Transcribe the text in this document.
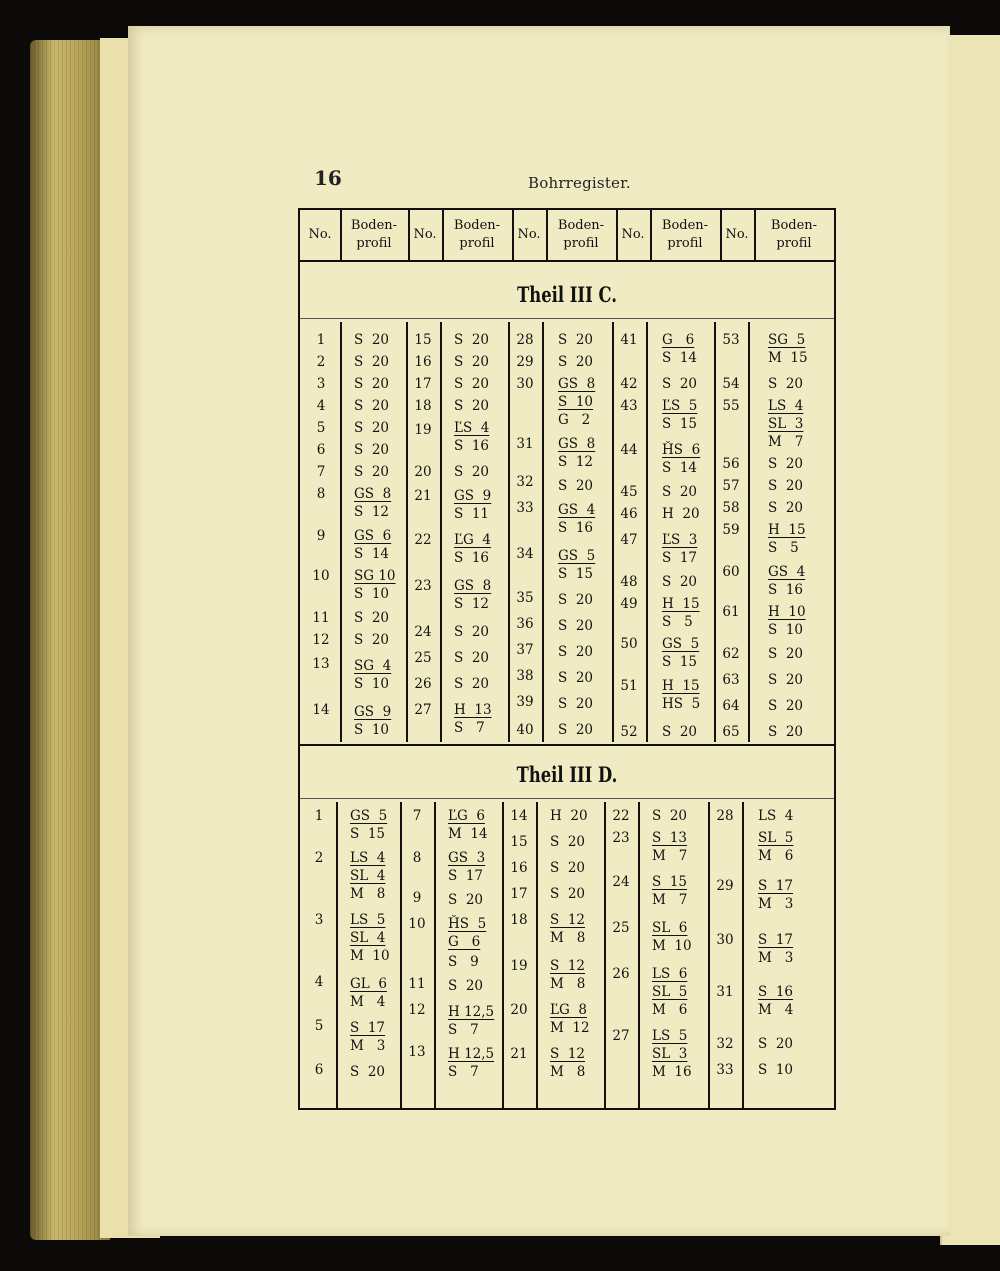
16	Bohrregister.
No.
Boden-
profil
No.
Boden-
profil
No.
Boden-
profil
No.
Boden-
profil
No.
Boden-
profil
Theil III C.
Theil III D.
1
2
3
4
5
6
7
8
9
10
11
12
13
14
S  20
S  20
S  20
S  20
S  20
S  20
S  20
GS  8
S  12
GS  6
S  14
SG 10
S  10
S  20
S  20
SG  4
S  10
GS  9
S  10
15
16
17
18
19
20
21
22
23
24
25
26
27
S  20
S  20
S  20
S  20
ĽS  4
S  16
S  20
GS  9
S  11
ĽG  4
S  16
GS  8
S  12
S  20
S  20
S  20
H  13
S   7
28
29
30
31
32
33
34
35
36
37
38
39
40
S  20
S  20
GS  8
S  10
G   2
GS  8
S  12
S  20
GS  4
S  16
GS  5
S  15
S  20
S  20
S  20
S  20
S  20
S  20
41
42
43
44
45
46
47
48
49
50
51
52
G   6
S  14
S  20
ĽS  5
S  15
ȞS  6
S  14
S  20
H  20
ĽS  3
S  17
S  20
H  15
S   5
GS  5
S  15
H  15
HS  5
S  20
53
54
55
56
57
58
59
60
61
62
63
64
65
SG  5
M  15
S  20
LS  4
SL  3
M   7
S  20
S  20
S  20
H  15
S   5
GS  4
S  16
H  10
S  10
S  20
S  20
S  20
S  20
1
2
3
4
5
6
GS  5
S  15
LS  4
SL  4
M   8
LS  5
SL  4
M  10
GL  6
M   4
S  17
M   3
S  20
7
8
9
10
11
12
13
ĽG  6
M  14
GS  3
S  17
S  20
ȞS  5
G   6
S   9
S  20
H 12,5
S   7
H 12,5
S   7
14
15
16
17
18
19
20
21
H  20
S  20
S  20
S  20
S  12
M   8
S  12
M   8
ĽG  8
M  12
S  12
M   8
22
23
24
25
26
27
S  20
S  13
M   7
S  15
M   7
SL  6
M  10
LS  6
SL  5
M   6
LS  5
SL  3
M  16
28
29
30
31
32
33
LS  4
SL  5
M   6
S  17
M   3
S  17
M   3
S  16
M   4
S  20
S  10
